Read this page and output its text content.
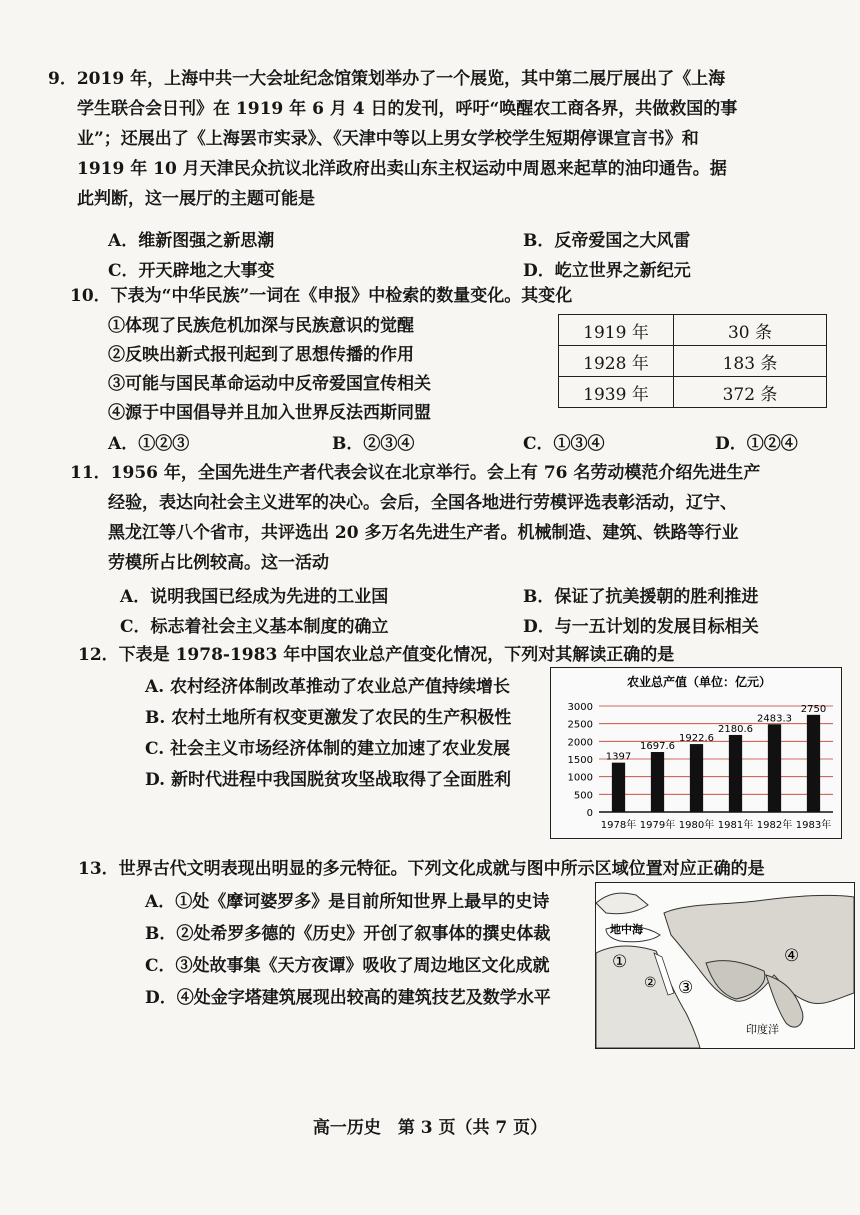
9．2019 年，上海中共一大会址纪念馆策划举办了一个展览，其中第二展厅展出了《上海
学生联合会日刊》在 1919 年 6 月 4 日的发刊，呼吁“唤醒农工商各界，共做救国的事
业”；还展出了《上海罢市实录》、《天津中等以上男女学校学生短期停课宣言书》和
1919 年 10 月天津民众抗议北洋政府出卖山东主权运动中周恩来起草的油印通告。据
此判断，这一展厅的主题可能是
A．维新图强之新思潮	B．反帝爱国之大风雷
C．开天辟地之大事变	D．屹立世界之新纪元
10．下表为“中华民族”一词在《申报》中检索的数量变化。其变化
①体现了民族危机加深与民族意识的觉醒
②反映出新式报刊起到了思想传播的作用
③可能与国民革命运动中反帝爱国宣传相关
④源于中国倡导并且加入世界反法西斯同盟
1919 年	30 条
1928 年	183 条
1939 年	372 条
A．①②③	B．②③④	C．①③④	D．①②④
11．1956 年，全国先进生产者代表会议在北京举行。会上有 76 名劳动模范介绍先进生产
经验，表达向社会主义进军的决心。会后，全国各地进行劳模评选表彰活动，辽宁、
黑龙江等八个省市，共评选出 20 多万名先进生产者。机械制造、建筑、铁路等行业
劳模所占比例较高。这一活动
A．说明我国已经成为先进的工业国	B．保证了抗美援朝的胜利推进
C．标志着社会主义基本制度的确立	D．与一五计划的发展目标相关
12．下表是 1978-1983 年中国农业总产值变化情况，下列对其解读正确的是
A. 农村经济体制改革推动了农业总产值持续增长
B. 农村土地所有权变更激发了农民的生产积极性
C. 社会主义市场经济体制的建立加速了农业发展
D. 新时代进程中我国脱贫攻坚战取得了全面胜利
农业总产值（单位：亿元）
0
500
1000
1500
2000
2500
3000
1397
1697.6
1922.6
2180.6
2483.3
2750
1978年 1979年 1980年 1981年 1982年 1983年
13．世界古代文明表现出明显的多元特征。下列文化成就与图中所示区域位置对应正确的是
A．①处《摩诃婆罗多》是目前所知世界上最早的史诗
B．②处希罗多德的《历史》开创了叙事体的撰史体裁
C．③处故事集《天方夜谭》吸收了周边地区文化成就
D．④处金字塔建筑展现出较高的建筑技艺及数学水平
地中海
印度洋
①
② ③
④
高一历史　第 3 页（共 7 页）
